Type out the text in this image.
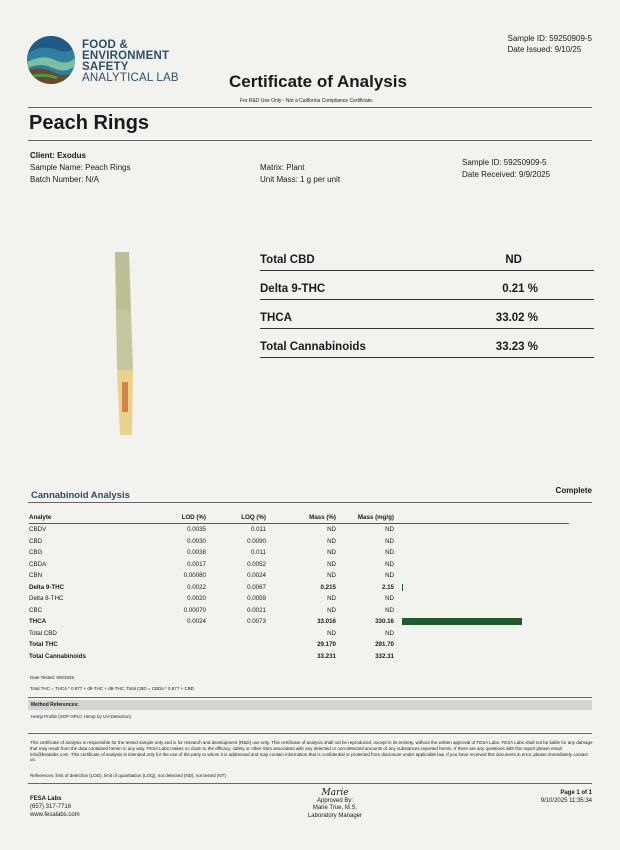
FOOD &
ENVIRONMENT
SAFETY
ANALYTICAL LAB
Sample ID: 59250909-5
Date Issued: 9/10/25
Certificate of Analysis
For R&D Use Only - Not a California Compliance Certificate.
Peach Rings
Client: Exodus
Sample Name: Peach Rings
Batch Number: N/A
Matrix: Plant
Unit Mass: 1 g per unit
Sample ID: 59250909-5
Date Received: 9/9/2025
Total CBD	ND
Delta 9-THC	0.21 %
THCA	33.02 %
Total Cannabinoids	33.23 %
Cannabinoid Analysis	Complete
Analyte	LOD (%)	LOQ (%)	Mass (%)	Mass (mg/g)	
CBDV	0.0035	0.011	ND	ND	
CBD	0.0030	0.0090	ND	ND	
CBG	0.0038	0.011	ND	ND	
CBDA	0.0017	0.0052	ND	ND	
CBN	0.00080	0.0024	ND	ND	
Delta 9-THC	0.0022	0.0067	0.215	2.15	

Delta 8-THC	0.0020	0.0059	ND	ND	
CBC	0.00070	0.0021	ND	ND	
THCA	0.0024	0.0073	33.016	330.16	

Total CBD			ND	ND	
Total THC			29.170	291.70	
Total Cannabinoids			33.231	332.31	
Date Tested: 9/9/2025
Total THC = THCa * 0.877 + d9-THC + d8-THC; Total CBD = CBDa * 0.877 + CBD
Method References:
Hemp Profile (SOP HPLC Hemp by UV-Detection)
This certificate of analysis is responsible for the tested sample only and is for research and development (R&D) use only. This certificate of analysis shall not be reproduced, except in its entirety, without the written approval of FESA Labs. FESA Labs shall not be liable for any damage that may result from the data contained herein in any way. FESA Labs makes no claim to the efficacy, safety or other risks associated with any detected or non-detected amounts of any substances reported herein. If there are any questions with this report please email info@fesalabs.com. This certificate of analysis is intended only for the use of the party to whom it is addressed and may contain information that is confidential or protected from disclosure under applicable law. If you have received this document in error, please immediately contact us.
References: limit of detection (LOD), limit of quantitation (LOQ), not detected (ND), not tested (NT)
FESA Labs
(657) 317-7716
www.fesalabs.com
Marie
Approved By:
Marie True, M.S.
Laboratory Manager
Page 1 of 1
9/10/2025 11:35:34
